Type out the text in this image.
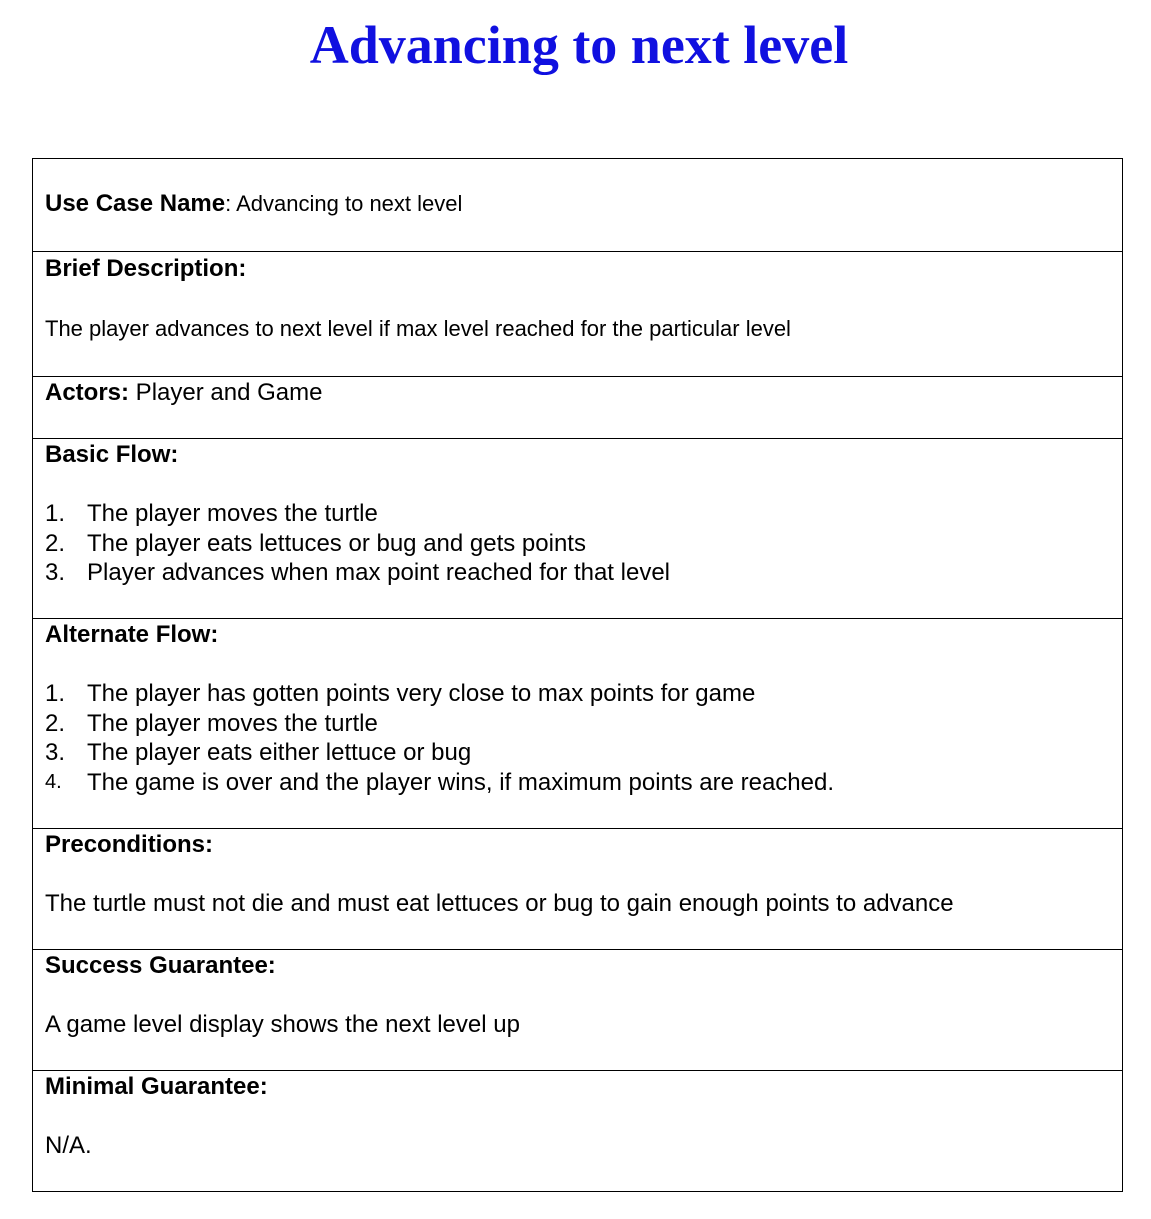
Advancing to next level
Use Case Name: Advancing to next level

Brief Description:
The player advances to next level if max level reached for the particular level

Actors: Player and Game

Basic Flow:
1. The player moves the turtle
2. The player eats lettuces or bug and gets points
3. Player advances when max point reached for that level

Alternate Flow:
1. The player has gotten points very close to max points for game
2. The player moves the turtle
3. The player eats either lettuce or bug
4.	The game is over and the player wins, if maximum points are reached.

Preconditions:
The turtle must not die and must eat lettuces or bug to gain enough points to advance

Success Guarantee:
A game level display shows the next level up

Minimal Guarantee:
N/A.
